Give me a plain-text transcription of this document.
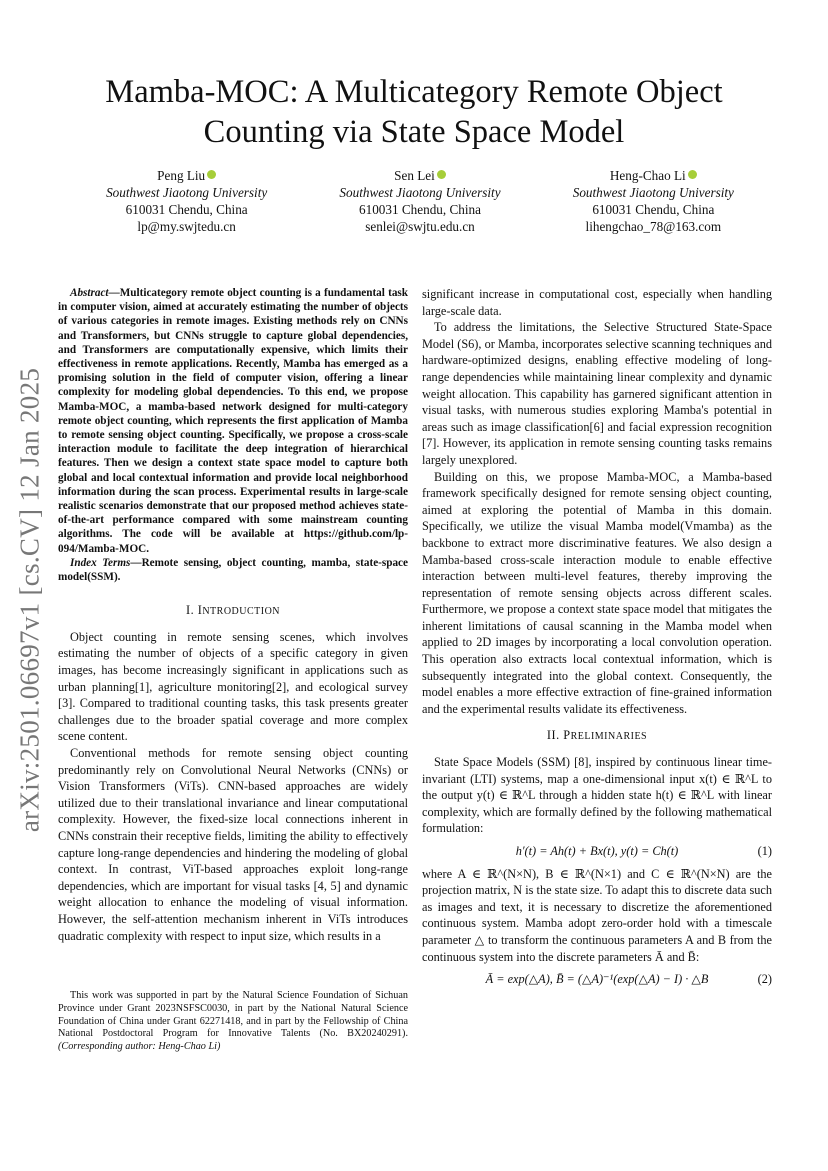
Mamba-MOC: A Multicategory Remote Object
Counting via State Space Model
Peng Liu
Southwest Jiaotong University
610031 Chendu, China
lp@my.swjtedu.cn
Sen Lei
Southwest Jiaotong University
610031 Chendu, China
senlei@swjtu.edu.cn
Heng-Chao Li
Southwest Jiaotong University
610031 Chendu, China
lihengchao_78@163.com
arXiv:2501.06697v1 [cs.CV] 12 Jan 2025

Abstract—Multicategory remote object counting is a fundamental task in computer vision, aimed at accurately estimating the number of objects of various categories in remote images. Existing methods rely on CNNs and Transformers, but CNNs struggle to capture global dependencies, and Transformers are computationally expensive, which limits their effectiveness in remote applications. Recently, Mamba has emerged as a promising solution in the field of computer vision, offering a linear complexity for modeling global dependencies. To this end, we propose Mamba-MOC, a mamba-based network designed for multi-category remote object counting, which represents the first application of Mamba to remote sensing object counting. Specifically, we propose a cross-scale interaction module to facilitate the deep integration of hierarchical features. Then we design a context state space model to capture both global and local contextual information and provide local neighborhood information during the scan process. Experimental results in large-scale realistic scenarios demonstrate that our proposed method achieves state-of-the-art performance compared with some mainstream counting algorithms. The code will be available at https://github.com/lp-094/Mamba-MOC.

Index Terms—Remote sensing, object counting, mamba, state-space model(SSM).

I. INTRODUCTION

Object counting in remote sensing scenes, which involves estimating the number of objects of a specific category in given images, has become increasingly significant in applications such as urban planning[1], agriculture monitoring[2], and ecological survey [3]. Compared to traditional counting tasks, this task presents greater challenges due to the broader spatial coverage and more complex scene content.

Conventional methods for remote sensing object counting predominantly rely on Convolutional Neural Networks (CNNs) or Vision Transformers (ViTs). CNN-based approaches are widely utilized due to their translational invariance and linear computational complexity. However, the fixed-size local connections inherent in CNNs constrain their receptive fields, limiting the ability to effectively capture long-range dependencies and hindering the modeling of global context. In contrast, ViT-based approaches exploit long-range dependencies, which are important for visual tasks [4, 5] and dynamic weight allocation to enhance the modeling of visual information. However, the self-attention mechanism inherent in ViTs introduces quadratic complexity with respect to input size, which results in a

This work was supported in part by the Natural Science Foundation of Sichuan Province under Grant 2023NSFSC0030, in part by the National Natural Science Foundation of China under Grant 62271418, and in part by the Fellowship of China National Postdoctoral Program for Innovative Talents (No. BX20240291). (Corresponding author: Heng-Chao Li)

significant increase in computational cost, especially when handling large-scale data.

To address the limitations, the Selective Structured State-Space Model (S6), or Mamba, incorporates selective scanning techniques and hardware-optimized designs, enabling effective modeling of long-range dependencies while maintaining linear complexity and dynamic weight allocation. This capability has garnered significant attention in visual tasks, with numerous studies exploring Mamba's potential in areas such as image classification[6] and facial expression recognition [7]. However, its application in remote sensing counting tasks remains largely unexplored.

Building on this, we propose Mamba-MOC, a Mamba-based framework specifically designed for remote sensing object counting, aimed at exploring the potential of Mamba in this domain. Specifically, we utilize the visual Mamba model(Vmamba) as the backbone to extract more discriminative features. We also design a Mamba-based cross-scale interaction module to enable effective interaction between multi-level features, thereby improving the representation of remote sensing objects across different scales. Furthermore, we propose a context state space model that mitigates the inherent limitations of causal scanning in the Mamba model when applied to 2D images by incorporating a local convolution operation. This operation also extracts local contextual information, which is subsequently integrated into the global context. Consequently, the model enables a more effective extraction of fine-grained information and the experimental results validate its effectiveness.

II. PRELIMINARIES

State Space Models (SSM) [8], inspired by continuous linear time-invariant (LTI) systems, map a one-dimensional input x(t) ∈ ℝ^L to the output y(t) ∈ ℝ^L through a hidden state h(t) ∈ ℝ^L with linear complexity, which are formally defined by the following mathematical formulation:

h′(t) = Ah(t) + Bx(t), y(t) = Ch(t)	(1)

where A ∈ ℝ^(N×N), B ∈ ℝ^(N×1) and C ∈ ℝ^(N×N) are the projection matrix, N is the state size. To adapt this to discrete data such as images and text, it is necessary to discretize the aforementioned continuous system. Mamba adopt zero-order hold with a timescale parameter △ to transform the continuous parameters A and B from the continuous system into the discrete parameters Ā and B̄:

Ā = exp(△A), B̄ = (△A)⁻¹(exp(△A) − I) · △B	(2)
